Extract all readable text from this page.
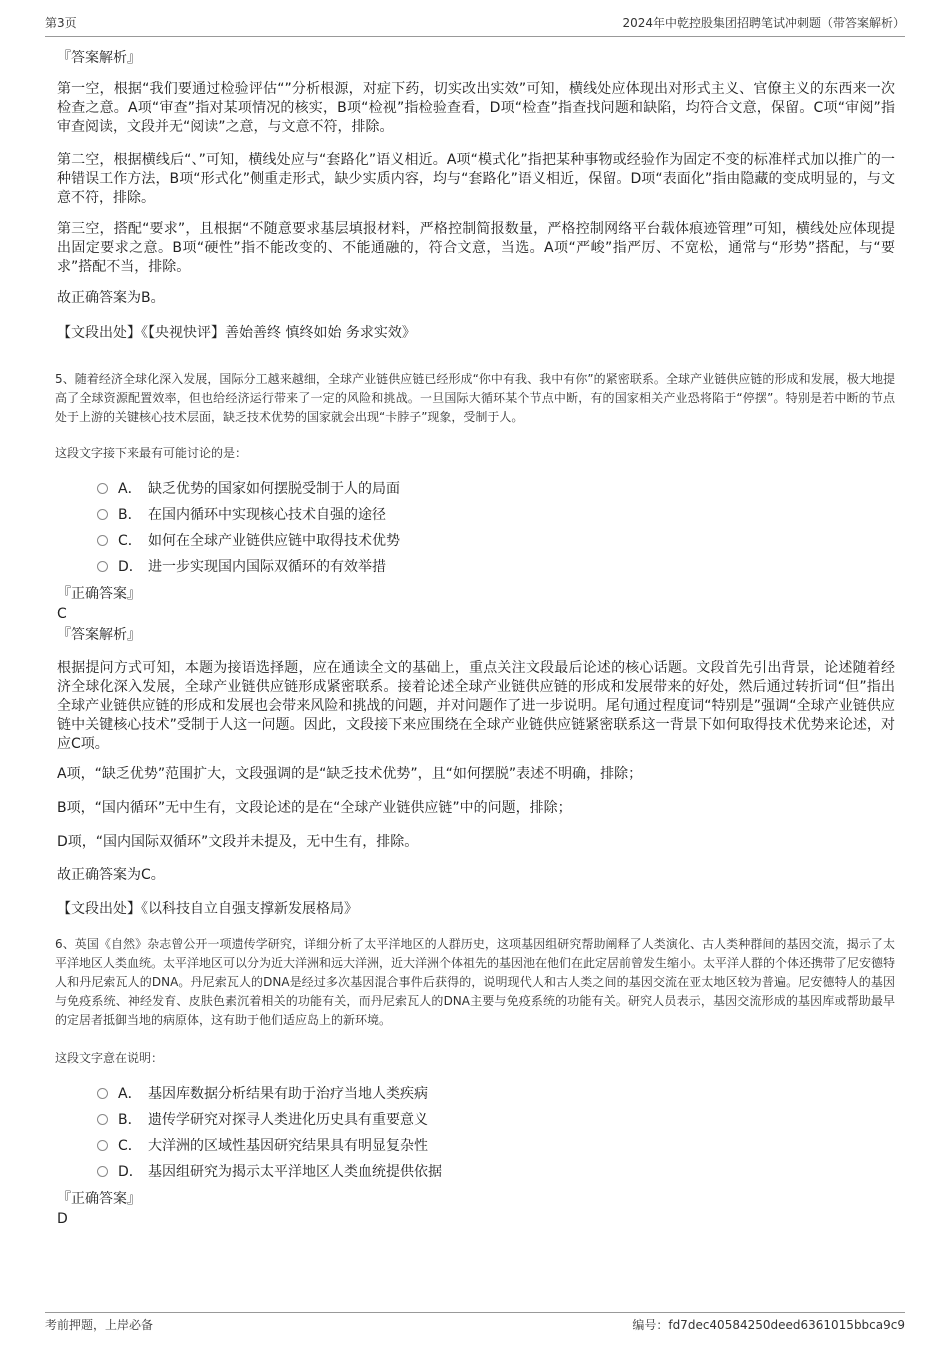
第3页	2024年中乾控股集团招聘笔试冲刺题（带答案解析）
『答案解析』

第一空，根据“我们要通过检验评估“”分析根源，对症下药，切实改出实效”可知，横线处应体现出对形式主义、官僚主义的东西来一次检查之意。A项“审查”指对某项情况的核实，B项“检视”指检验查看，D项“检查”指查找问题和缺陷，均符合文意，保留。C项“审阅”指审查阅读，文段并无“阅读”之意，与文意不符，排除。

第二空，根据横线后“、”可知，横线处应与“套路化”语义相近。A项“模式化”指把某种事物或经验作为固定不变的标准样式加以推广的一种错误工作方法，B项“形式化”侧重走形式，缺少实质内容，均与“套路化”语义相近，保留。D项“表面化”指由隐藏的变成明显的，与文意不符，排除。

第三空，搭配“要求”，且根据“不随意要求基层填报材料，严格控制简报数量，严格控制网络平台载体痕迹管理”可知，横线处应体现提出固定要求之意。B项“硬性”指不能改变的、不能通融的，符合文意，当选。A项“严峻”指严厉、不宽松，通常与“形势”搭配，与“要求”搭配不当，排除。

故正确答案为B。

【文段出处】《【央视快评】善始善终 慎终如始 务求实效》

5、随着经济全球化深入发展，国际分工越来越细，全球产业链供应链已经形成“你中有我、我中有你”的紧密联系。全球产业链供应链的形成和发展，极大地提高了全球资源配置效率，但也给经济运行带来了一定的风险和挑战。一旦国际大循环某个节点中断，有的国家相关产业恐将陷于“停摆”。特别是若中断的节点处于上游的关键核心技术层面，缺乏技术优势的国家就会出现“卡脖子”现象，受制于人。

这段文字接下来最有可能讨论的是：

A． 缺乏优势的国家如何摆脱受制于人的局面
B． 在国内循环中实现核心技术自强的途径
C． 如何在全球产业链供应链中取得技术优势
D． 进一步实现国内国际双循环的有效举措
『正确答案』
C
『答案解析』

根据提问方式可知，本题为接语选择题，应在通读全文的基础上，重点关注文段最后论述的核心话题。文段首先引出背景，论述随着经济全球化深入发展，全球产业链供应链形成紧密联系。接着论述全球产业链供应链的形成和发展带来的好处，然后通过转折词“但”指出全球产业链供应链的形成和发展也会带来风险和挑战的问题，并对问题作了进一步说明。尾句通过程度词“特别是”强调“全球产业链供应链中关键核心技术”受制于人这一问题。因此，文段接下来应围绕在全球产业链供应链紧密联系这一背景下如何取得技术优势来论述，对应C项。

A项，“缺乏优势”范围扩大，文段强调的是“缺乏技术优势”，且“如何摆脱”表述不明确，排除；

B项，“国内循环”无中生有，文段论述的是在“全球产业链供应链”中的问题，排除；

D项，“国内国际双循环”文段并未提及，无中生有，排除。

故正确答案为C。

【文段出处】《以科技自立自强支撑新发展格局》

6、英国《自然》杂志曾公开一项遗传学研究，详细分析了太平洋地区的人群历史，这项基因组研究帮助阐释了人类演化、古人类种群间的基因交流，揭示了太平洋地区人类血统。太平洋地区可以分为近大洋洲和远大洋洲，近大洋洲个体祖先的基因池在他们在此定居前曾发生缩小。太平洋人群的个体还携带了尼安德特人和丹尼索瓦人的DNA。丹尼索瓦人的DNA是经过多次基因混合事件后获得的，说明现代人和古人类之间的基因交流在亚太地区较为普遍。尼安德特人的基因与免疫系统、神经发育、皮肤色素沉着相关的功能有关，而丹尼索瓦人的DNA主要与免疫系统的功能有关。研究人员表示，基因交流形成的基因库或帮助最早的定居者抵御当地的病原体，这有助于他们适应岛上的新环境。

这段文字意在说明：

A． 基因库数据分析结果有助于治疗当地人类疾病
B． 遗传学研究对探寻人类进化历史具有重要意义
C． 大洋洲的区域性基因研究结果具有明显复杂性
D． 基因组研究为揭示太平洋地区人类血统提供依据
『正确答案』
D
考前押题，上岸必备	编号：fd7dec40584250deed6361015bbca9c9
